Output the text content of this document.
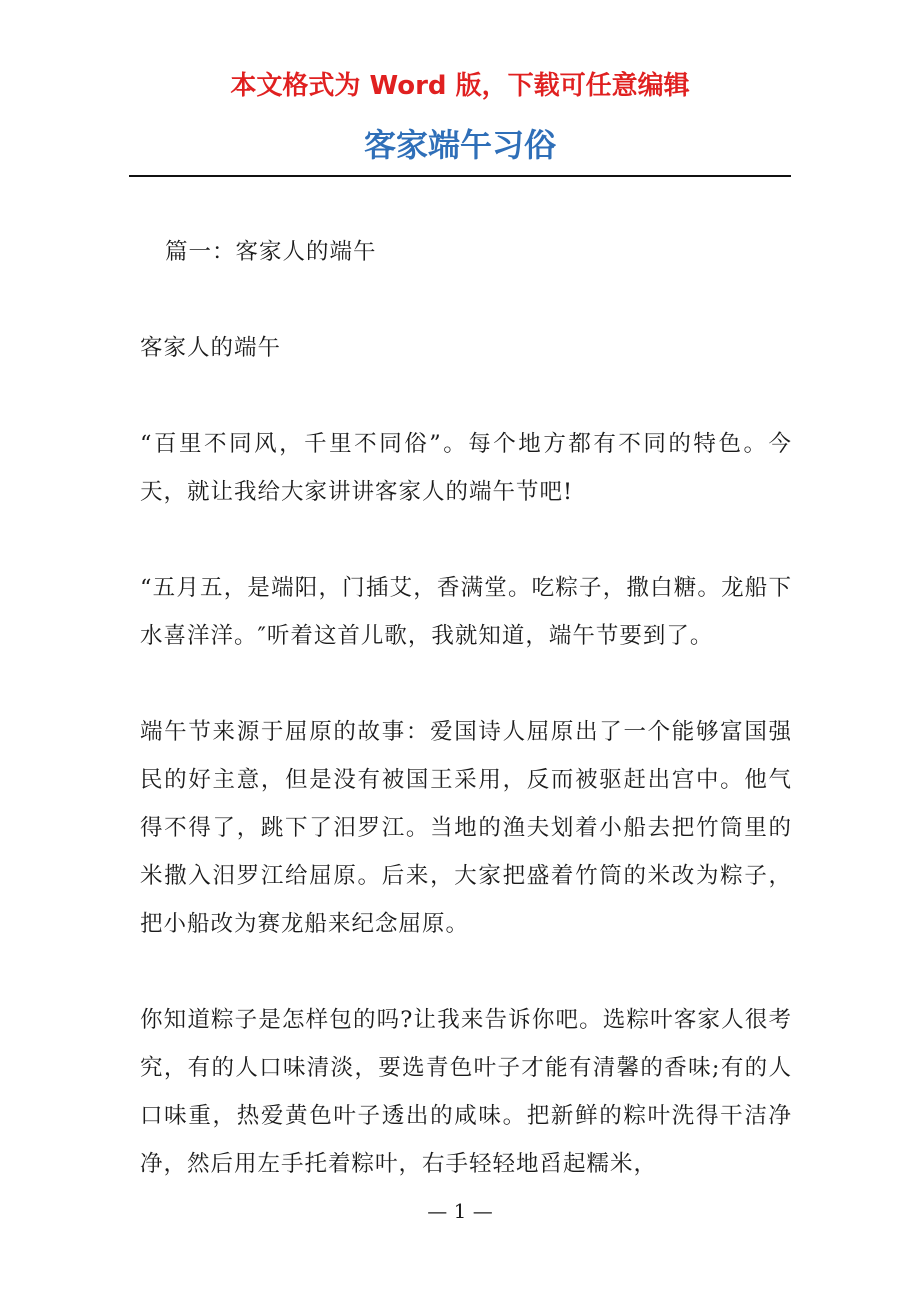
本文格式为 Word 版，下载可任意编辑

客家端午习俗

篇一：客家人的端午

客家人的端午

“百里不同风，千里不同俗”。每个地方都有不同的特色。今天，就让我给大家讲讲客家人的端午节吧!

“五月五，是端阳，门插艾，香满堂。吃粽子，撒白糖。龙船下水喜洋洋。″听着这首儿歌，我就知道，端午节要到了。

端午节来源于屈原的故事：爱国诗人屈原出了一个能够富国强民的好主意，但是没有被国王采用，反而被驱赶出宫中。他气得不得了，跳下了汨罗江。当地的渔夫划着小船去把竹筒里的米撒入汨罗江给屈原。后来，大家把盛着竹筒的米改为粽子，把小船改为赛龙船来纪念屈原。

你知道粽子是怎样包的吗?让我来告诉你吧。选粽叶客家人很考究，有的人口味清淡，要选青色叶子才能有清馨的香味;有的人口味重，热爱黄色叶子透出的咸味。把新鲜的粽叶洗得干洁净净，然后用左手托着粽叶，右手轻轻地舀起糯米，

— 1 —
